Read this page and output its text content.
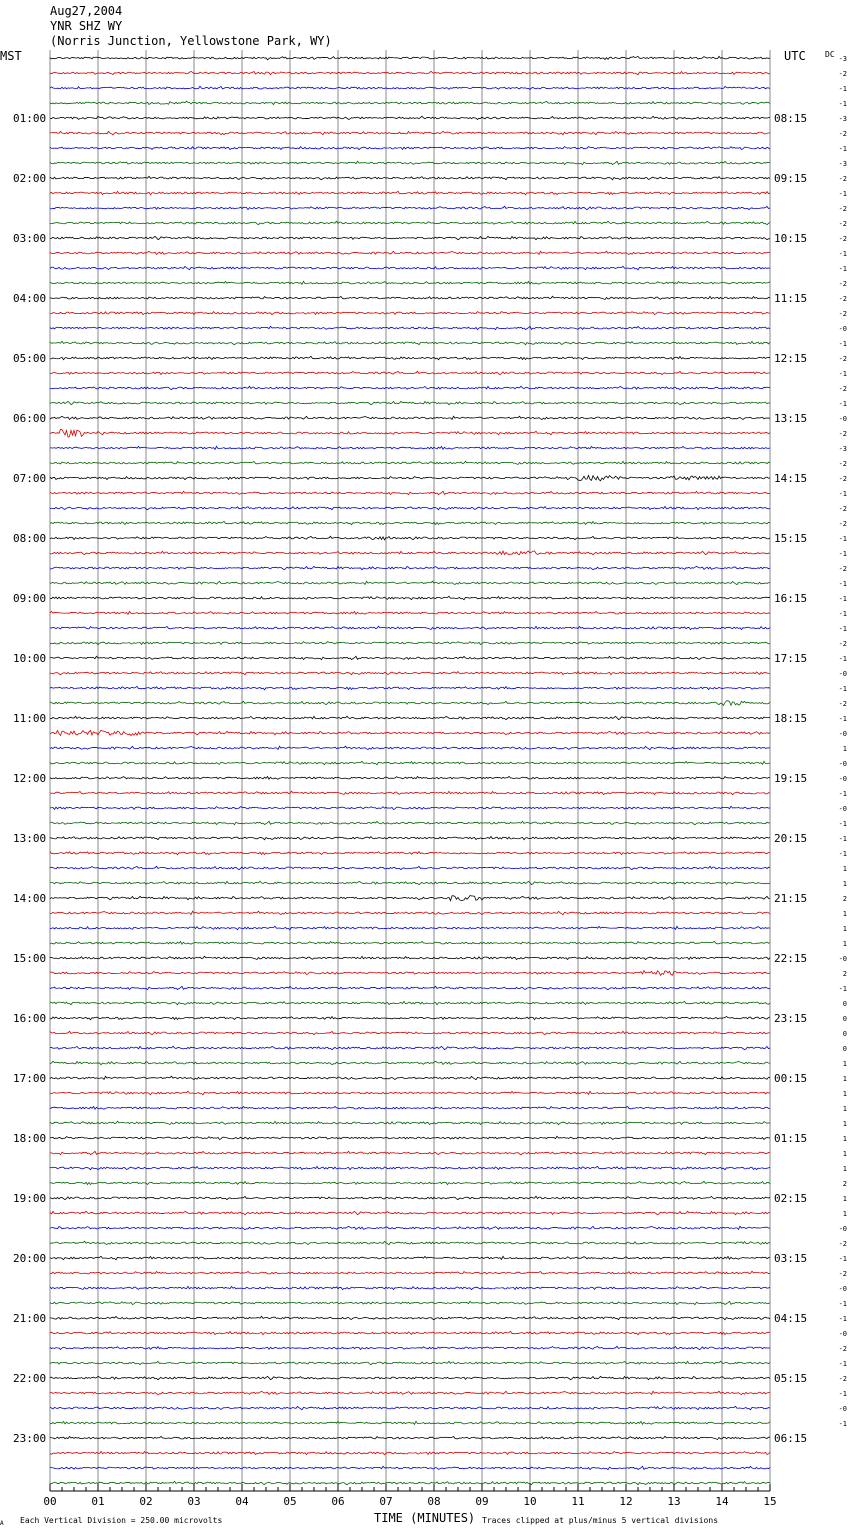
Aug27,2004
YNR SHZ WY
(Norris Junction, Yellowstone Park, WY)
MST	UTC DC
01:00
02:00
03:00
04:00
05:00
06:00
07:00
08:00
09:00
10:00
11:00
12:00
13:00
14:00
15:00
16:00
17:00
18:00
19:00
20:00
21:00
22:00
23:00
08:15
09:15
10:15
11:15
12:15
13:15
14:15
15:15
16:15
17:15
18:15
19:15
20:15
21:15
22:15
23:15
00:15
01:15
02:15
03:15
04:15
05:15
06:15
-3
-2
-1
-1
-3
-2
-1
-3
-2
-1
-2
-2
-2
-1
-1
-2
-2
-2
-0
-1
-2
-1
-2
-1
-0
-2
-3
-2
-2
-1
-2
-2
-1
-1
-2
-1
-1
-1
-1
-2
-1
-0
-1
-2
-1
-0
1
-0
-0
-1
-0
-1
-1
-1
1
1
2
1
1
1
-0
2
-1
0
0
0
0
1
1
1
1
1
1
1
1
2
1
1
-0
-2
-1
-2
-0
-1
-1
-0
-2
-1
-2
-1
-0
-1
00	01	02	03	04	05	06	07	08	09	10	11	12	13	14	15
TIME (MINUTES)
A Each Vertical Division = 250.00 microvolts	Traces clipped at plus/minus 5 vertical divisions
